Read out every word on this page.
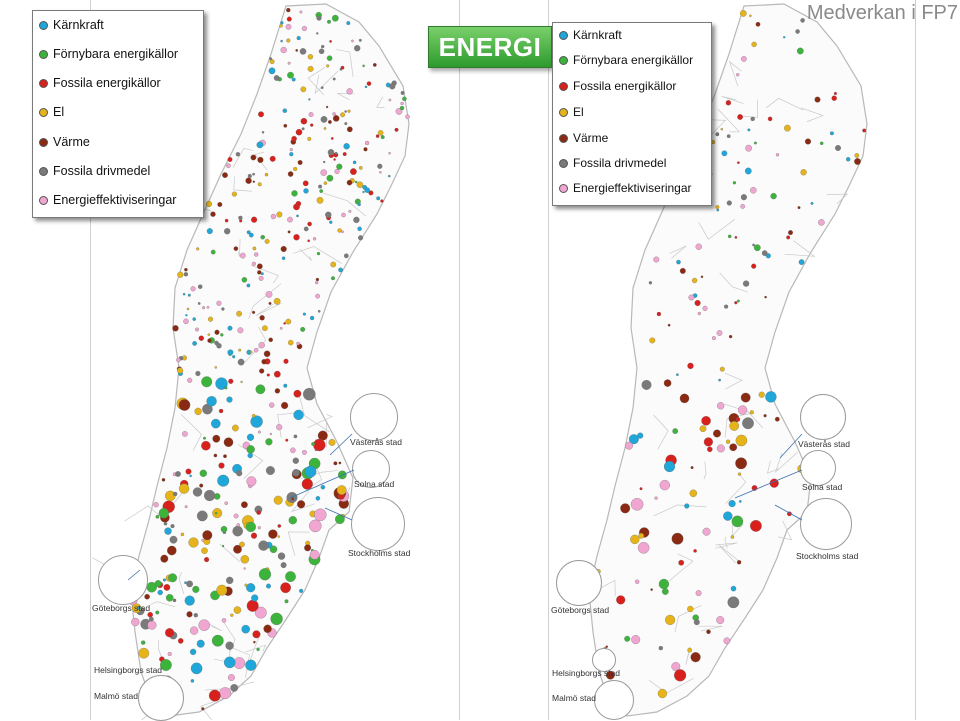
Västerås stad
Solna stad
Stockholms stad
Göteborgs stad
Helsingborgs stad
Malmö stad
Västerås stad
Solna stad
Stockholms stad
Göteborgs stad
Helsingborgs stad
Malmö stad
Kärnkraft
Förnybara energikällor
Fossila energikällor
El
Värme
Fossila drivmedel
Energieffektiviseringar
ENERGI	Kärnkraft
Förnybara energikällor
Fossila energikällor
El
Värme
Fossila drivmedel
Energieffektiviseringar
Medverkan i FP7
